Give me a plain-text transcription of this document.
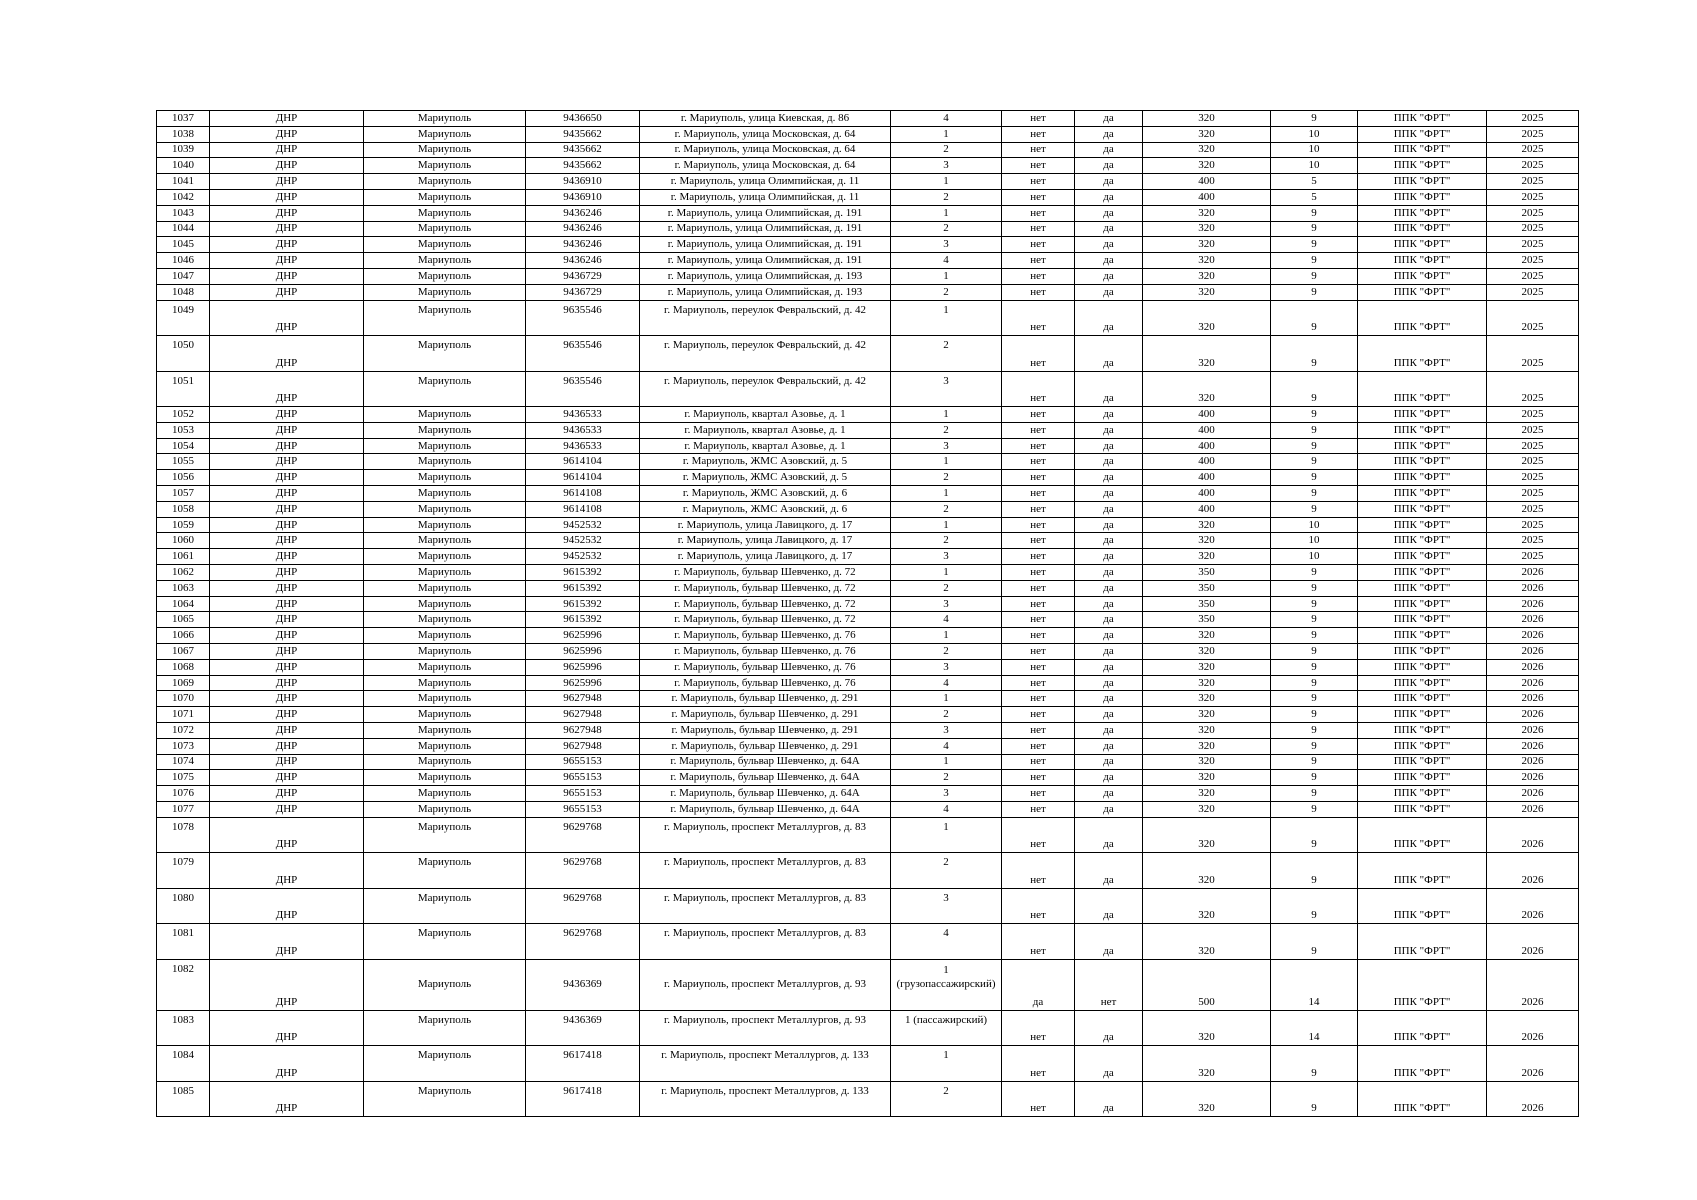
1037	ДНР	Мариуполь	9436650	г. Мариуполь, улица Киевская, д. 86	4	нет	да	320	9	ППК "ФРТ"	2025
1038	ДНР	Мариуполь	9435662	г. Мариуполь, улица Московская, д. 64	1	нет	да	320	10	ППК "ФРТ"	2025
1039	ДНР	Мариуполь	9435662	г. Мариуполь, улица Московская, д. 64	2	нет	да	320	10	ППК "ФРТ"	2025
1040	ДНР	Мариуполь	9435662	г. Мариуполь, улица Московская, д. 64	3	нет	да	320	10	ППК "ФРТ"	2025
1041	ДНР	Мариуполь	9436910	г. Мариуполь, улица Олимпийская, д. 11	1	нет	да	400	5	ППК "ФРТ"	2025
1042	ДНР	Мариуполь	9436910	г. Мариуполь, улица Олимпийская, д. 11	2	нет	да	400	5	ППК "ФРТ"	2025
1043	ДНР	Мариуполь	9436246	г. Мариуполь, улица Олимпийская, д. 191	1	нет	да	320	9	ППК "ФРТ"	2025
1044	ДНР	Мариуполь	9436246	г. Мариуполь, улица Олимпийская, д. 191	2	нет	да	320	9	ППК "ФРТ"	2025
1045	ДНР	Мариуполь	9436246	г. Мариуполь, улица Олимпийская, д. 191	3	нет	да	320	9	ППК "ФРТ"	2025
1046	ДНР	Мариуполь	9436246	г. Мариуполь, улица Олимпийская, д. 191	4	нет	да	320	9	ППК "ФРТ"	2025
1047	ДНР	Мариуполь	9436729	г. Мариуполь, улица Олимпийская, д. 193	1	нет	да	320	9	ППК "ФРТ"	2025
1048	ДНР	Мариуполь	9436729	г. Мариуполь, улица Олимпийская, д. 193	2	нет	да	320	9	ППК "ФРТ"	2025
1049	ДНР	Мариуполь	9635546	г. Мариуполь, переулок Февральский, д. 42	1	нет	да	320	9	ППК "ФРТ"	2025
1050	ДНР	Мариуполь	9635546	г. Мариуполь, переулок Февральский, д. 42	2	нет	да	320	9	ППК "ФРТ"	2025
1051	ДНР	Мариуполь	9635546	г. Мариуполь, переулок Февральский, д. 42	3	нет	да	320	9	ППК "ФРТ"	2025
1052	ДНР	Мариуполь	9436533	г. Мариуполь, квартал Азовье, д. 1	1	нет	да	400	9	ППК "ФРТ"	2025
1053	ДНР	Мариуполь	9436533	г. Мариуполь, квартал Азовье, д. 1	2	нет	да	400	9	ППК "ФРТ"	2025
1054	ДНР	Мариуполь	9436533	г. Мариуполь, квартал Азовье, д. 1	3	нет	да	400	9	ППК "ФРТ"	2025
1055	ДНР	Мариуполь	9614104	г. Мариуполь, ЖМС Азовский, д. 5	1	нет	да	400	9	ППК "ФРТ"	2025
1056	ДНР	Мариуполь	9614104	г. Мариуполь, ЖМС Азовский, д. 5	2	нет	да	400	9	ППК "ФРТ"	2025
1057	ДНР	Мариуполь	9614108	г. Мариуполь, ЖМС Азовский, д. 6	1	нет	да	400	9	ППК "ФРТ"	2025
1058	ДНР	Мариуполь	9614108	г. Мариуполь, ЖМС Азовский, д. 6	2	нет	да	400	9	ППК "ФРТ"	2025
1059	ДНР	Мариуполь	9452532	г. Мариуполь, улица Лавицкого, д. 17	1	нет	да	320	10	ППК "ФРТ"	2025
1060	ДНР	Мариуполь	9452532	г. Мариуполь, улица Лавицкого, д. 17	2	нет	да	320	10	ППК "ФРТ"	2025
1061	ДНР	Мариуполь	9452532	г. Мариуполь, улица Лавицкого, д. 17	3	нет	да	320	10	ППК "ФРТ"	2025
1062	ДНР	Мариуполь	9615392	г. Мариуполь, бульвар Шевченко, д. 72	1	нет	да	350	9	ППК "ФРТ"	2026
1063	ДНР	Мариуполь	9615392	г. Мариуполь, бульвар Шевченко, д. 72	2	нет	да	350	9	ППК "ФРТ"	2026
1064	ДНР	Мариуполь	9615392	г. Мариуполь, бульвар Шевченко, д. 72	3	нет	да	350	9	ППК "ФРТ"	2026
1065	ДНР	Мариуполь	9615392	г. Мариуполь, бульвар Шевченко, д. 72	4	нет	да	350	9	ППК "ФРТ"	2026
1066	ДНР	Мариуполь	9625996	г. Мариуполь, бульвар Шевченко, д. 76	1	нет	да	320	9	ППК "ФРТ"	2026
1067	ДНР	Мариуполь	9625996	г. Мариуполь, бульвар Шевченко, д. 76	2	нет	да	320	9	ППК "ФРТ"	2026
1068	ДНР	Мариуполь	9625996	г. Мариуполь, бульвар Шевченко, д. 76	3	нет	да	320	9	ППК "ФРТ"	2026
1069	ДНР	Мариуполь	9625996	г. Мариуполь, бульвар Шевченко, д. 76	4	нет	да	320	9	ППК "ФРТ"	2026
1070	ДНР	Мариуполь	9627948	г. Мариуполь, бульвар Шевченко, д. 291	1	нет	да	320	9	ППК "ФРТ"	2026
1071	ДНР	Мариуполь	9627948	г. Мариуполь, бульвар Шевченко, д. 291	2	нет	да	320	9	ППК "ФРТ"	2026
1072	ДНР	Мариуполь	9627948	г. Мариуполь, бульвар Шевченко, д. 291	3	нет	да	320	9	ППК "ФРТ"	2026
1073	ДНР	Мариуполь	9627948	г. Мариуполь, бульвар Шевченко, д. 291	4	нет	да	320	9	ППК "ФРТ"	2026
1074	ДНР	Мариуполь	9655153	г. Мариуполь, бульвар Шевченко, д. 64А	1	нет	да	320	9	ППК "ФРТ"	2026
1075	ДНР	Мариуполь	9655153	г. Мариуполь, бульвар Шевченко, д. 64А	2	нет	да	320	9	ППК "ФРТ"	2026
1076	ДНР	Мариуполь	9655153	г. Мариуполь, бульвар Шевченко, д. 64А	3	нет	да	320	9	ППК "ФРТ"	2026
1077	ДНР	Мариуполь	9655153	г. Мариуполь, бульвар Шевченко, д. 64А	4	нет	да	320	9	ППК "ФРТ"	2026
1078	ДНР	Мариуполь	9629768	г. Мариуполь, проспект Металлургов, д. 83	1	нет	да	320	9	ППК "ФРТ"	2026
1079	ДНР	Мариуполь	9629768	г. Мариуполь, проспект Металлургов, д. 83	2	нет	да	320	9	ППК "ФРТ"	2026
1080	ДНР	Мариуполь	9629768	г. Мариуполь, проспект Металлургов, д. 83	3	нет	да	320	9	ППК "ФРТ"	2026
1081	ДНР	Мариуполь	9629768	г. Мариуполь, проспект Металлургов, д. 83	4	нет	да	320	9	ППК "ФРТ"	2026
1082	ДНР	Мариуполь	9436369	г. Мариуполь, проспект Металлургов, д. 93	1 (грузопассажирский)	да	нет	500	14	ППК "ФРТ"	2026
1083	ДНР	Мариуполь	9436369	г. Мариуполь, проспект Металлургов, д. 93	1 (пассажирский)	нет	да	320	14	ППК "ФРТ"	2026
1084	ДНР	Мариуполь	9617418	г. Мариуполь, проспект Металлургов, д. 133	1	нет	да	320	9	ППК "ФРТ"	2026
1085	ДНР	Мариуполь	9617418	г. Мариуполь, проспект Металлургов, д. 133	2	нет	да	320	9	ППК "ФРТ"	2026
